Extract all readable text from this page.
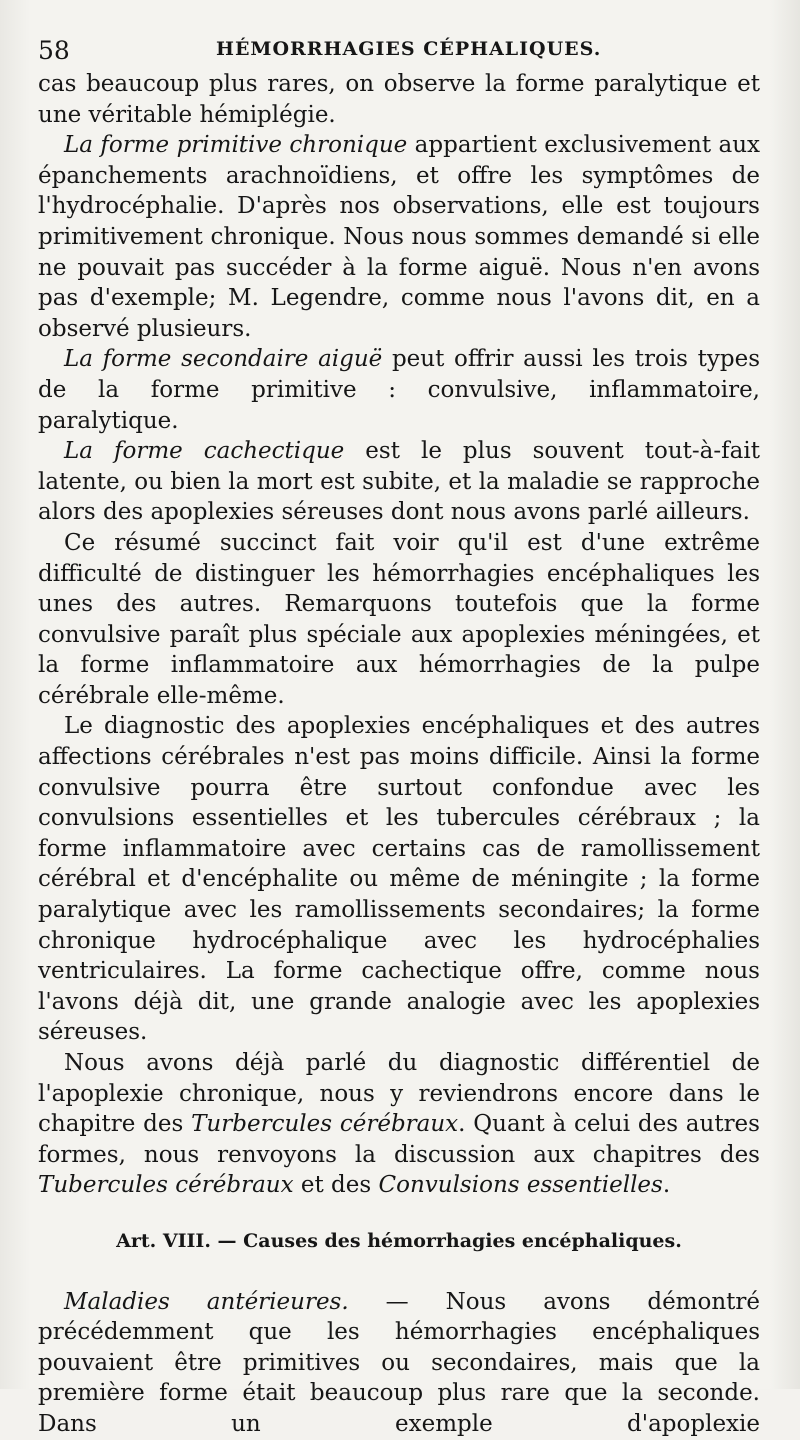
58	HÉMORRHAGIES CÉPHALIQUES.

cas beaucoup plus rares, on observe la forme paralytique et une véritable hémiplégie.

La forme primitive chronique appartient exclusivement aux épanchements arachnoïdiens, et offre les symptômes de l'hydrocéphalie. D'après nos observations, elle est toujours primitivement chronique. Nous nous sommes demandé si elle ne pouvait pas succéder à la forme aiguë. Nous n'en avons pas d'exemple; M. Legendre, comme nous l'avons dit, en a observé plusieurs.

La forme secondaire aiguë peut offrir aussi les trois types de la forme primitive : convulsive, inflammatoire, paralytique.

La forme cachectique est le plus souvent tout-à-fait latente, ou bien la mort est subite, et la maladie se rapproche alors des apoplexies séreuses dont nous avons parlé ailleurs.

Ce résumé succinct fait voir qu'il est d'une extrême difficulté de distinguer les hémorrhagies encéphaliques les unes des autres. Remarquons toutefois que la forme convulsive paraît plus spéciale aux apoplexies méningées, et la forme inflammatoire aux hémorrhagies de la pulpe cérébrale elle-même.

Le diagnostic des apoplexies encéphaliques et des autres affections cérébrales n'est pas moins difficile. Ainsi la forme convulsive pourra être surtout confondue avec les convulsions essentielles et les tubercules cérébraux ; la forme inflammatoire avec certains cas de ramollissement cérébral et d'encéphalite ou même de méningite ; la forme paralytique avec les ramollissements secondaires; la forme chronique hydrocéphalique avec les hydrocéphalies ventriculaires. La forme cachectique offre, comme nous l'avons déjà dit, une grande analogie avec les apoplexies séreuses.

Nous avons déjà parlé du diagnostic différentiel de l'apoplexie chronique, nous y reviendrons encore dans le chapitre des Turbercules cérébraux. Quant à celui des autres formes, nous renvoyons la discussion aux chapitres des Tubercules cérébraux et des Convulsions essentielles.

Art. VIII. — Causes des hémorrhagies encéphaliques.

Maladies antérieures. — Nous avons démontré précédemment que les hémorrhagies encéphaliques pouvaient être primitives ou secondaires, mais que la première forme était beaucoup plus rare que la seconde. Dans un exemple d'apoplexie
